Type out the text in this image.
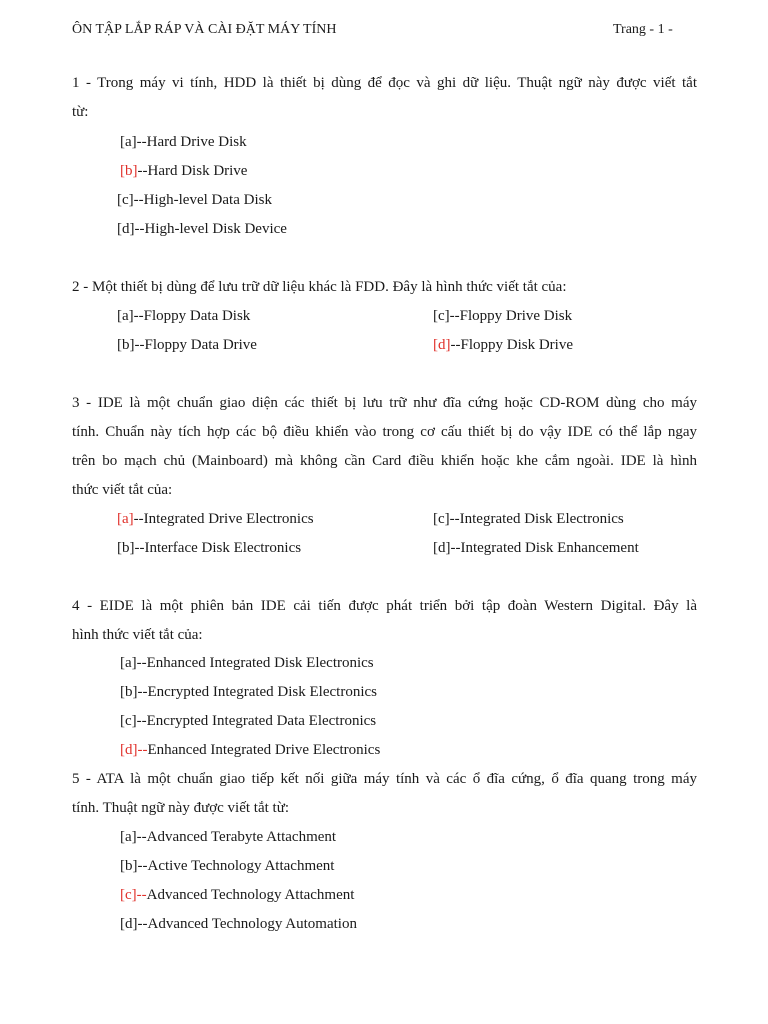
ÔN TẬP LẮP RÁP VÀ CÀI ĐẶT MÁY TÍNH	Trang - 1 -
1 - Trong máy vi tính, HDD là thiết bị dùng để đọc và ghi dữ liệu. Thuật ngữ này được viết tắt
từ:
[a]--Hard Drive Disk
[b]--Hard Disk Drive
[c]--High-level Data Disk
[d]--High-level Disk Device
2 - Một thiết bị dùng để lưu trữ dữ liệu khác là FDD. Đây là hình thức viết tắt của:
[a]--Floppy Data Disk	[c]--Floppy Drive Disk
[b]--Floppy Data Drive	[d]--Floppy Disk Drive
3 - IDE là một chuẩn giao diện các thiết bị lưu trữ như đĩa cứng hoặc CD-ROM dùng cho máy
tính. Chuẩn này tích hợp các bộ điều khiển vào trong cơ cấu thiết bị do vậy IDE có thể lắp ngay
trên bo mạch chủ (Mainboard) mà không cần Card điều khiển hoặc khe cắm ngoài. IDE là hình
thức viết tắt của:
[a]--Integrated Drive Electronics	[c]--Integrated Disk Electronics
[b]--Interface Disk Electronics	[d]--Integrated Disk Enhancement
4 - EIDE là một phiên bản IDE cải tiến được phát triển bởi tập đoàn Western Digital. Đây là
hình thức viết tắt của:
[a]--Enhanced Integrated Disk Electronics
[b]--Encrypted Integrated Disk Electronics
[c]--Encrypted Integrated Data Electronics
[d]--Enhanced Integrated Drive Electronics
5 - ATA là một chuẩn giao tiếp kết nối giữa máy tính và các ổ đĩa cứng, ổ đĩa quang trong máy
tính. Thuật ngữ này được viết tắt từ:
[a]--Advanced Terabyte Attachment
[b]--Active Technology Attachment
[c]--Advanced Technology Attachment
[d]--Advanced Technology Automation
